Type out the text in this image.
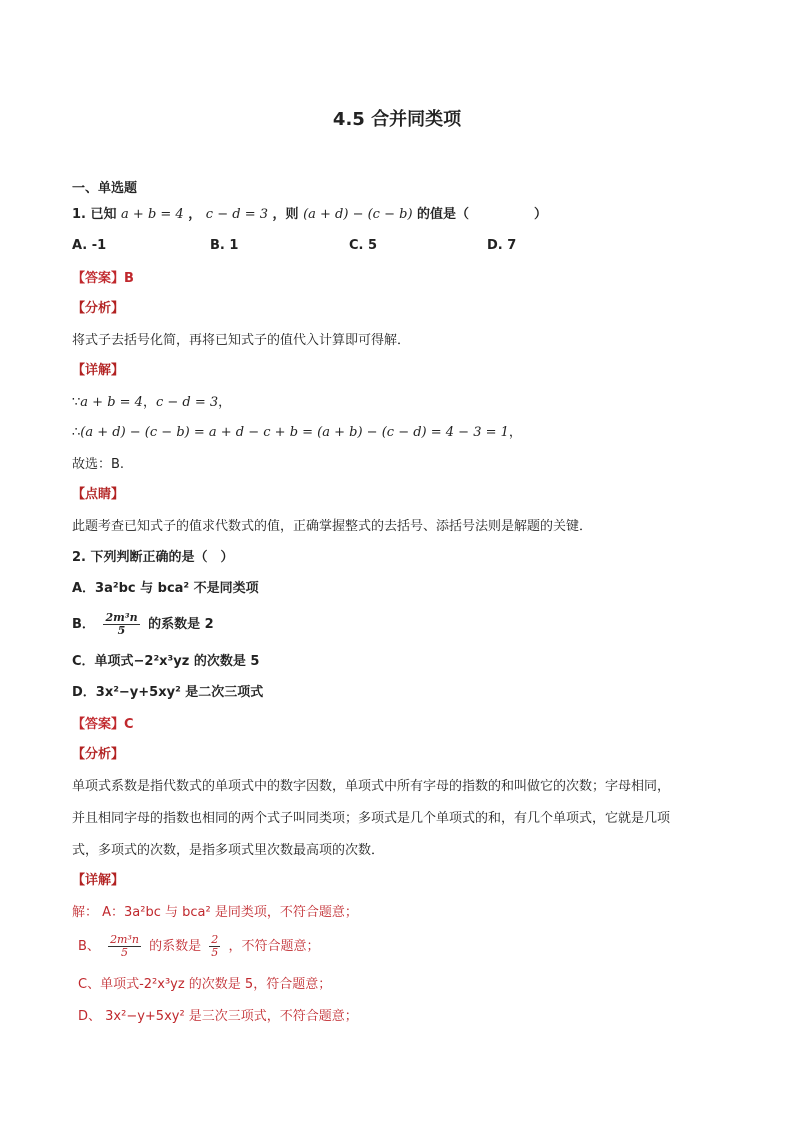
4.5 合并同类项
一、单选题
1. 已知 a + b = 4 ， c − d = 3 ，则 (a + d) − (c − b) 的值是（　　　　　）
A. -1	B. 1	C. 5	D. 7
【答案】B
【分析】
将式子去括号化简，再将已知式子的值代入计算即可得解．
【详解】
∵a + b = 4，c − d = 3，
∴(a + d) − (c − b) = a + d − c + b = (a + b) − (c − d) = 4 − 3 = 1，
故选：B.
【点睛】
此题考查已知式子的值求代数式的值，正确掌握整式的去括号、添括号法则是解题的关键．
2. 下列判断正确的是（　）
A．3a²bc 与 bca² 不是同类项
B． $\frac{\text{2m³n}}{5}$ 的系数是 2
C．单项式−2²x³yz 的次数是 5
D．3x²−y+5xy² 是二次三项式
【答案】C
【分析】
单项式系数是指代数式的单项式中的数字因数，单项式中所有字母的指数的和叫做它的次数；字母相同，
并且相同字母的指数也相同的两个式子叫同类项；多项式是几个单项式的和，有几个单项式，它就是几项
式，多项式的次数，是指多项式里次数最高项的次数．
【详解】
解： A：3a²bc 与 bca² 是同类项，不符合题意；
B、 $\frac{\text{2m³n}}{5}$ 的系数是 $\frac{2}{5}$ ，不符合题意；
C、单项式-2²x³yz 的次数是 5，符合题意；
D、 3x²−y+5xy² 是三次三项式，不符合题意；
